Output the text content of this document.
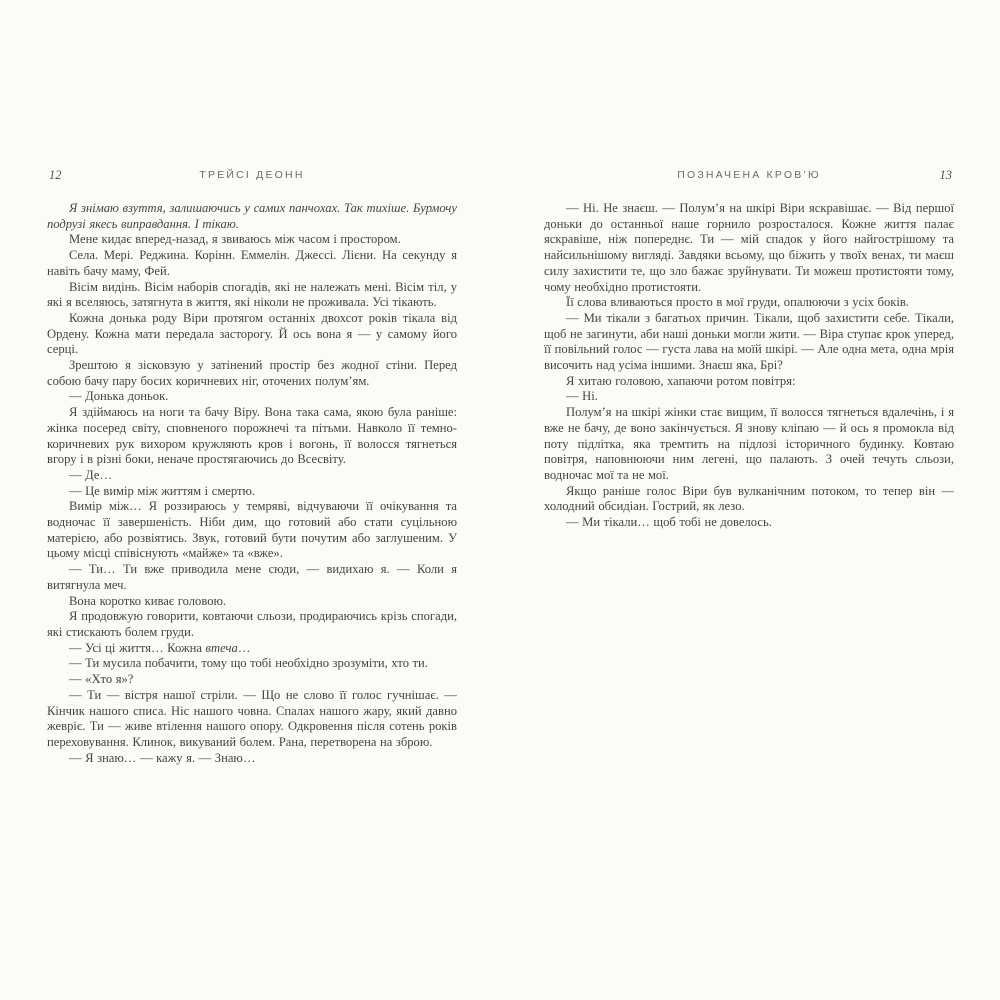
12	ТРЕЙСІ ДЕОНН

Я знімаю взуття, залишаючись у самих панчохах. Так тихіше. Бурмочу подрузі якесь виправдання. І тікаю.

Мене кидає вперед-назад, я звиваюсь між часом і простором.

Села. Мері. Реджина. Корінн. Еммелін. Джессі. Лієни. На секунду я навіть бачу маму, Фей.

Вісім видінь. Вісім наборів спогадів, які не належать мені. Вісім тіл, у які я вселяюсь, затягнута в життя, які ніколи не проживала. Усі тікають.

Кожна донька роду Віри протягом останніх двохсот років тікала від Ордену. Кожна мати передала засторогу. Й ось вона я — у самому його серці.

Зрештою я зісковзую у затінений простір без жодної стіни. Перед собою бачу пару босих коричневих ніг, оточених полум’ям.

— Донька доньок.

Я здіймаюсь на ноги та бачу Віру. Вона така сама, якою була раніше: жінка посеред світу, сповненого порожнечі та пітьми. Навколо її темно-коричневих рук вихором кружляють кров і вогонь, її волосся тягнеться вгору і в різні боки, неначе простягаючись до Всесвіту.

— Де…

— Це вимір між життям і смертю.

Вимір між… Я роззираюсь у темряві, відчуваючи її очікування та водночас її завершеність. Ніби дим, що готовий або стати суцільною матерією, або розвіятись. Звук, готовий бути почутим або заглушеним. У цьому місці співіснують «майже» та «вже».

— Ти… Ти вже приводила мене сюди, — видихаю я. — Коли я витягнула меч.

Вона коротко киває головою.

Я продовжую говорити, ковтаючи сльози, продираючись крізь спогади, які стискають болем груди.

— Усі ці життя… Кожна втеча…

— Ти мусила побачити, тому що тобі необхідно зрозуміти, хто ти.

— «Хто я»?

— Ти — вістря нашої стріли. — Що не слово її голос гучнішає. — Кінчик нашого списа. Ніс нашого човна. Спалах нашого жару, який давно жевріє. Ти — живе втілення нашого опору. Одкровення після сотень років переховування. Клинок, викуваний болем. Рана, перетворена на зброю.

— Я знаю… — кажу я. — Знаю…

ПОЗНАЧЕНА КРОВ’Ю	13

— Ні. Не знаєш. — Полум’я на шкірі Віри яскравішає. — Від першої доньки до останньої наше горнило розросталося. Кожне життя палає яскравіше, ніж попереднє. Ти — мій спадок у його найгострішому та найсильнішому вигляді. Завдяки всьому, що біжить у твоїх венах, ти маєш силу захистити те, що зло бажає зруйнувати. Ти можеш протистояти тому, чому необхідно протистояти.

Її слова вливаються просто в мої груди, опалюючи з усіх боків.

— Ми тікали з багатьох причин. Тікали, щоб захистити себе. Тікали, щоб не загинути, аби наші доньки могли жити. — Віра ступає крок уперед, її повільний голос — густа лава на моїй шкірі. — Але одна мета, одна мрія височить над усіма іншими. Знаєш яка, Брі?

Я хитаю головою, хапаючи ротом повітря:

— Ні.

Полум’я на шкірі жінки стає вищим, її волосся тягнеться вдалечінь, і я вже не бачу, де воно закінчується. Я знову кліпаю — й ось я промокла від поту підлітка, яка тремтить на підлозі історичного будинку. Ковтаю повітря, наповнюючи ним легені, що палають. З очей течуть сльози, водночас мої та не мої.

Якщо раніше голос Віри був вулканічним потоком, то тепер він — холодний обсидіан. Гострий, як лезо.

— Ми тікали… щоб тобі не довелось.
